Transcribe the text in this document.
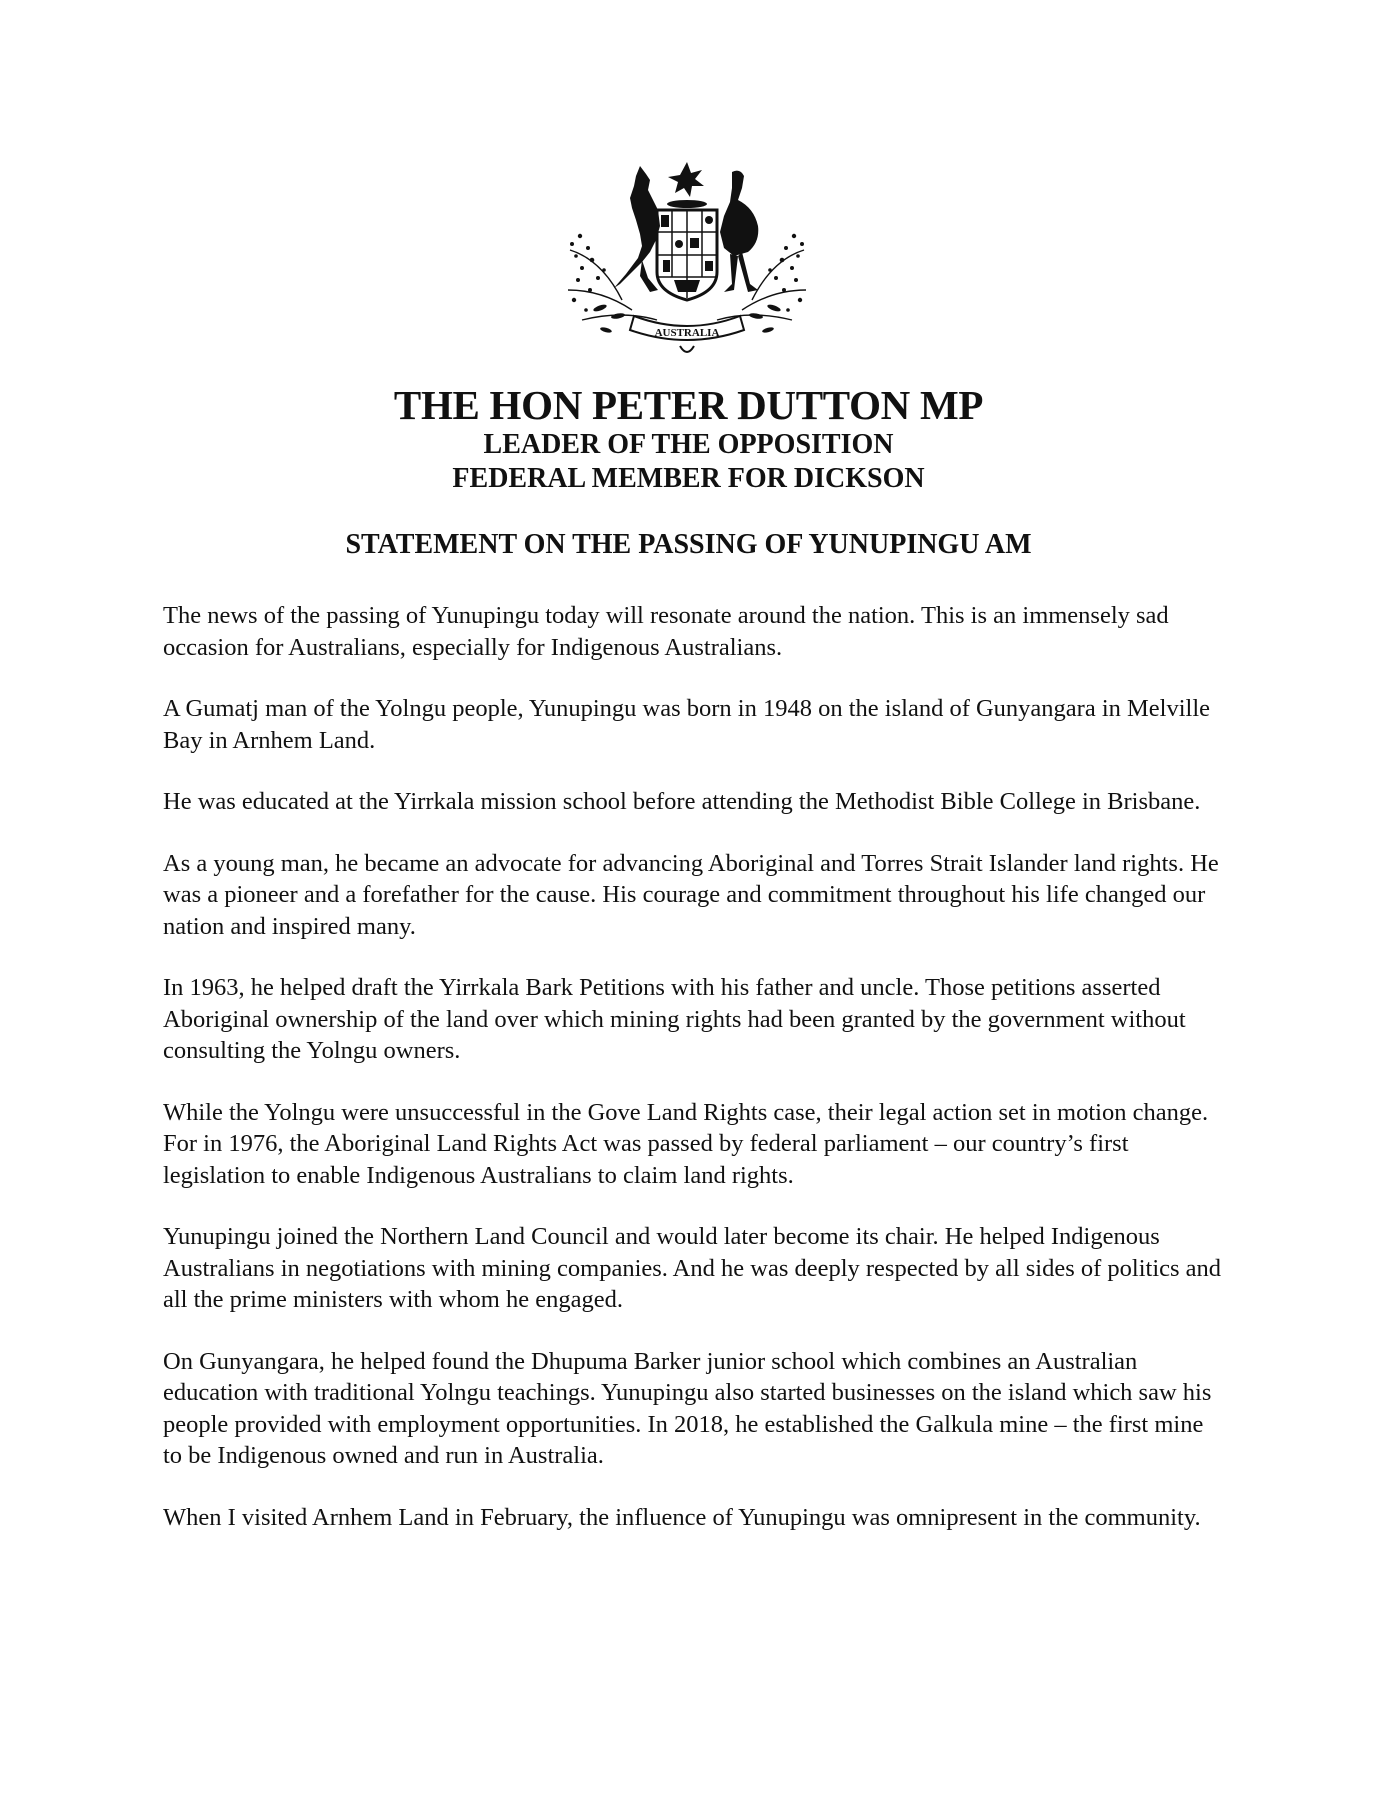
AUSTRALIA
THE HON PETER DUTTON MP
LEADER OF THE OPPOSITION
FEDERAL MEMBER FOR DICKSON
STATEMENT ON THE PASSING OF YUNUPINGU AM

The news of the passing of Yunupingu today will resonate around the nation. This is an immensely sad occasion for Australians, especially for Indigenous Australians.

A Gumatj man of the Yolngu people, Yunupingu was born in 1948 on the island of Gunyangara in Melville Bay in Arnhem Land.

He was educated at the Yirrkala mission school before attending the Methodist Bible College in Brisbane.

As a young man, he became an advocate for advancing Aboriginal and Torres Strait Islander land rights. He was a pioneer and a forefather for the cause. His courage and commitment throughout his life changed our nation and inspired many.

In 1963, he helped draft the Yirrkala Bark Petitions with his father and uncle. Those petitions asserted Aboriginal ownership of the land over which mining rights had been granted by the government without consulting the Yolngu owners.

While the Yolngu were unsuccessful in the Gove Land Rights case, their legal action set in motion change. For in 1976, the Aboriginal Land Rights Act was passed by federal parliament – our country’s first legislation to enable Indigenous Australians to claim land rights.

Yunupingu joined the Northern Land Council and would later become its chair. He helped Indigenous Australians in negotiations with mining companies. And he was deeply respected by all sides of politics and all the prime ministers with whom he engaged.

On Gunyangara, he helped found the Dhupuma Barker junior school which combines an Australian education with traditional Yolngu teachings. Yunupingu also started businesses on the island which saw his people provided with employment opportunities. In 2018, he established the Galkula mine – the first mine to be Indigenous owned and run in Australia.

When I visited Arnhem Land in February, the influence of Yunupingu was omnipresent in the community.
